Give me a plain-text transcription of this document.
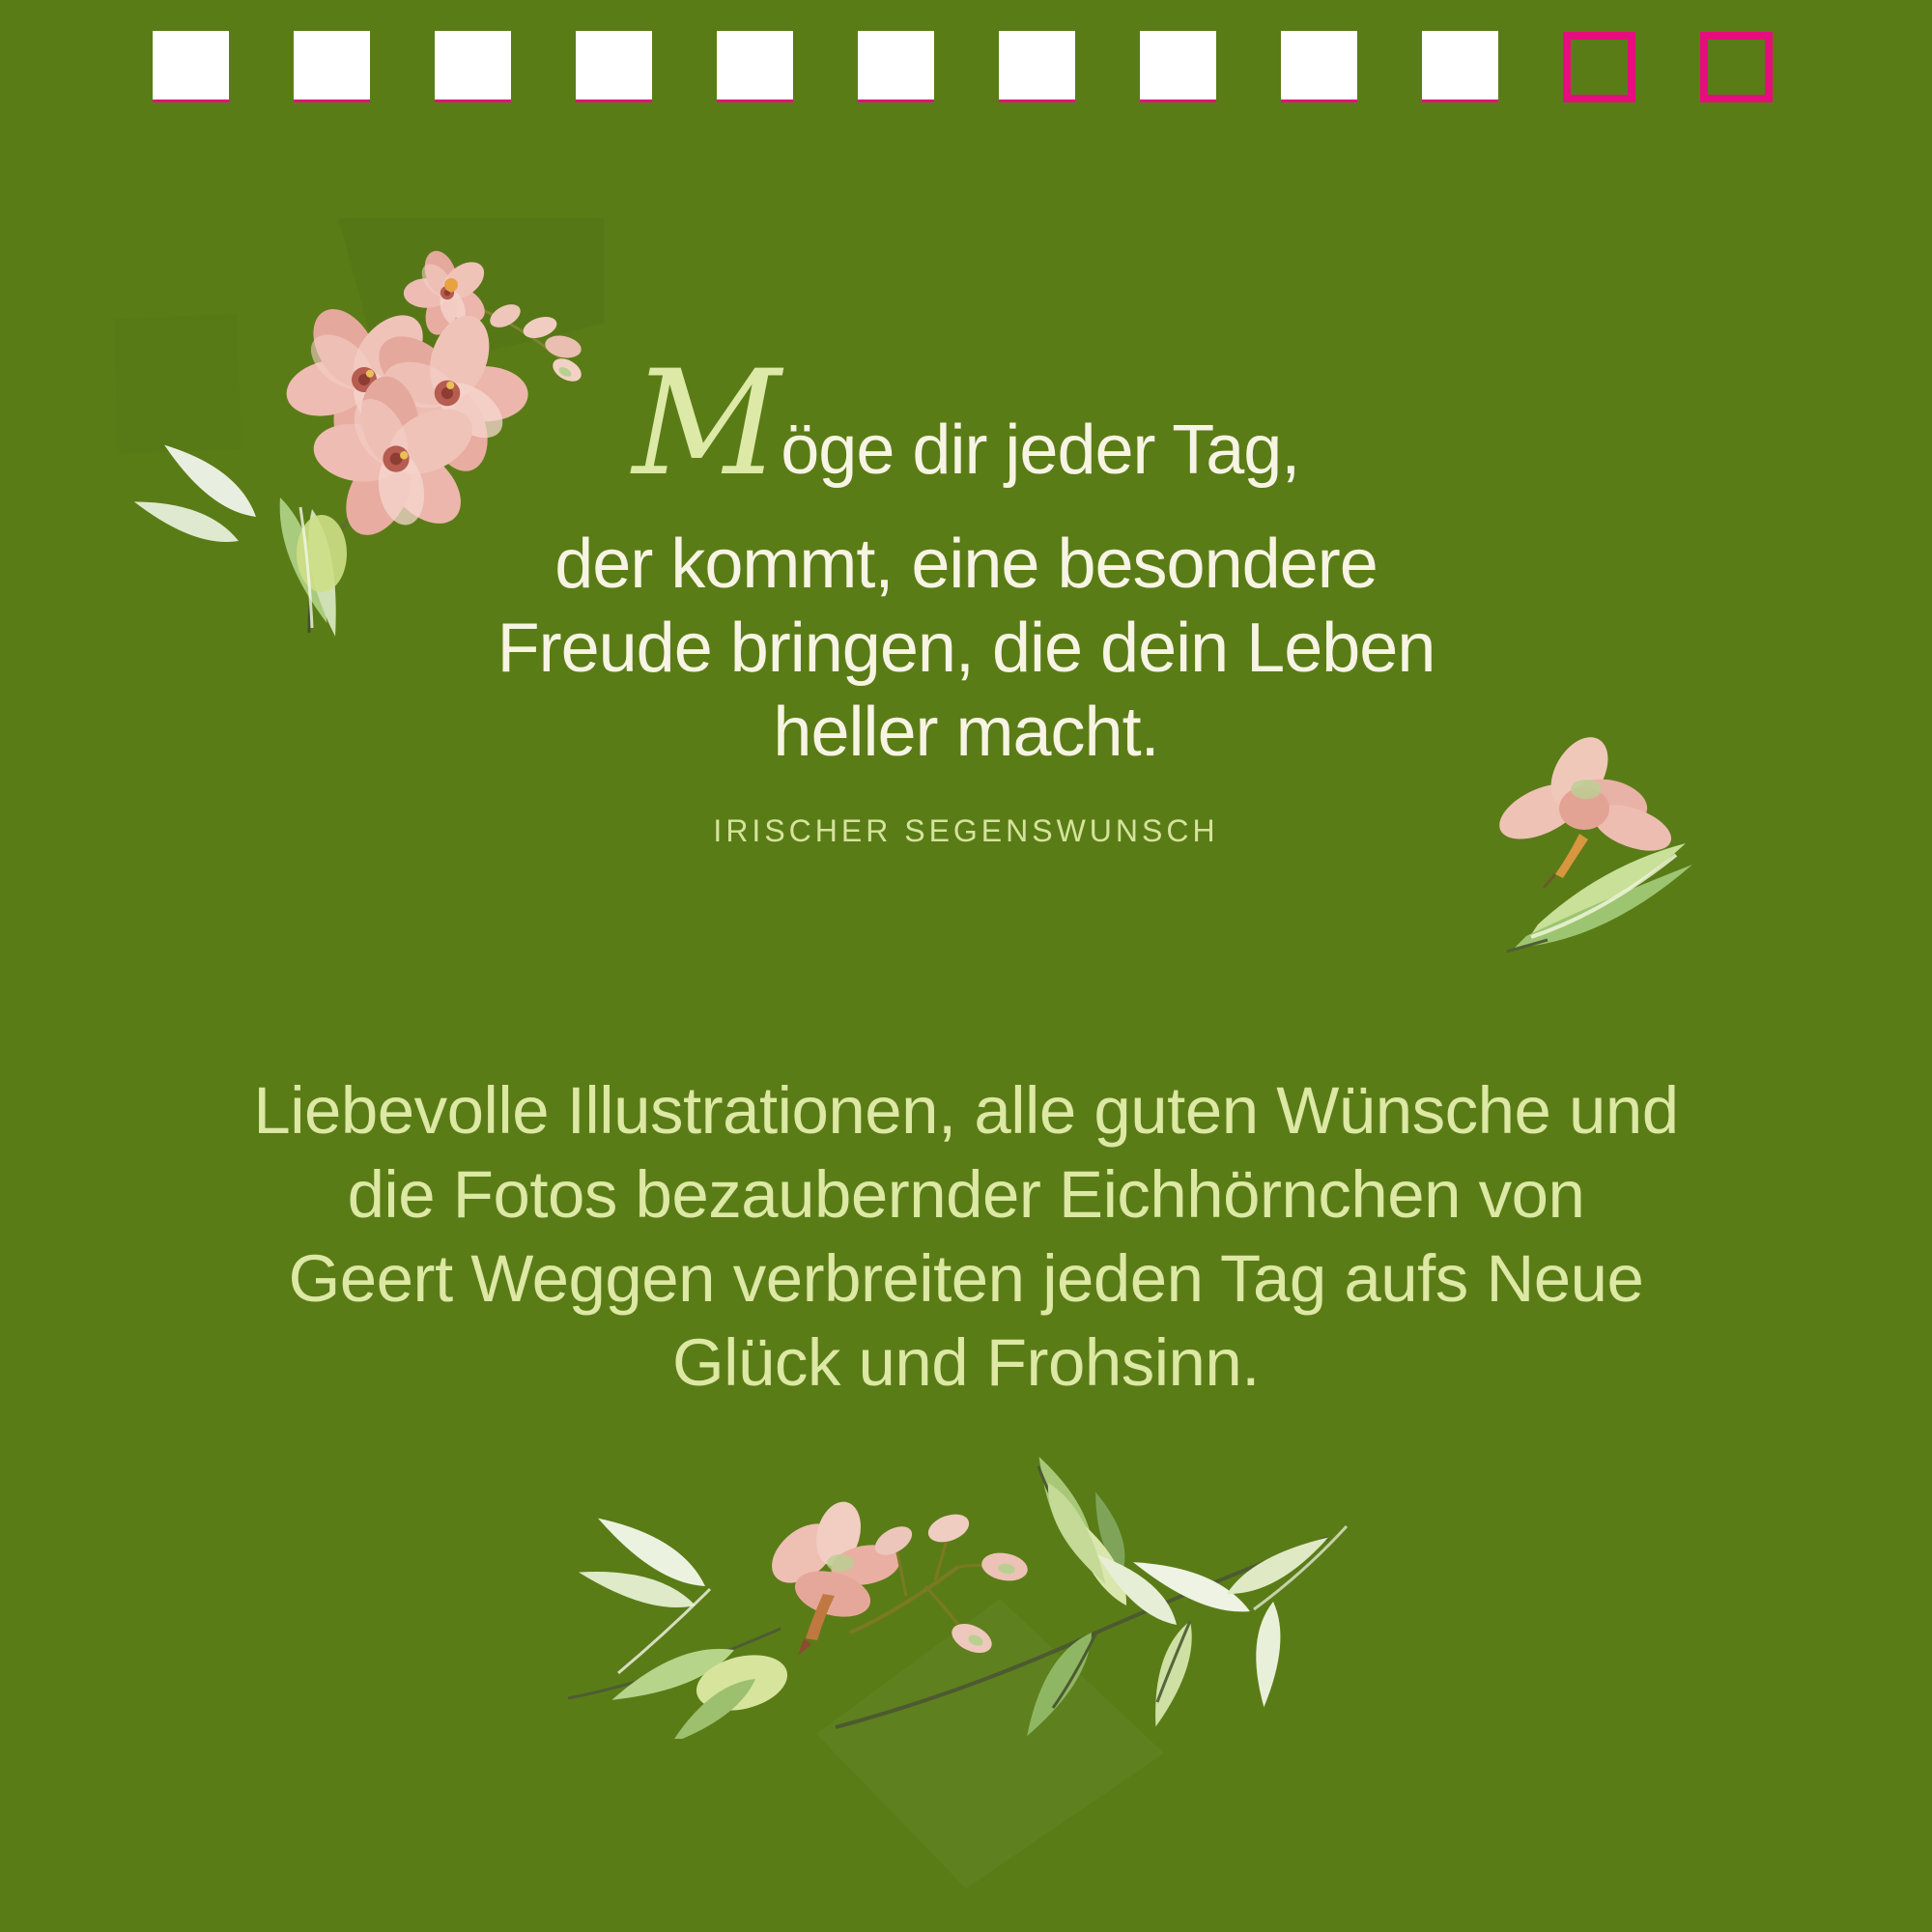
Möge dir jeder Tag,
der kommt, eine besondere
Freude bringen, die dein Leben
heller macht.
IRISCHER SEGENSWUNSCH
Liebevolle Illustrationen, alle guten Wünsche und
die Fotos bezaubernder Eichhörnchen von
Geert Weggen verbreiten jeden Tag aufs Neue
Glück und Frohsinn.
